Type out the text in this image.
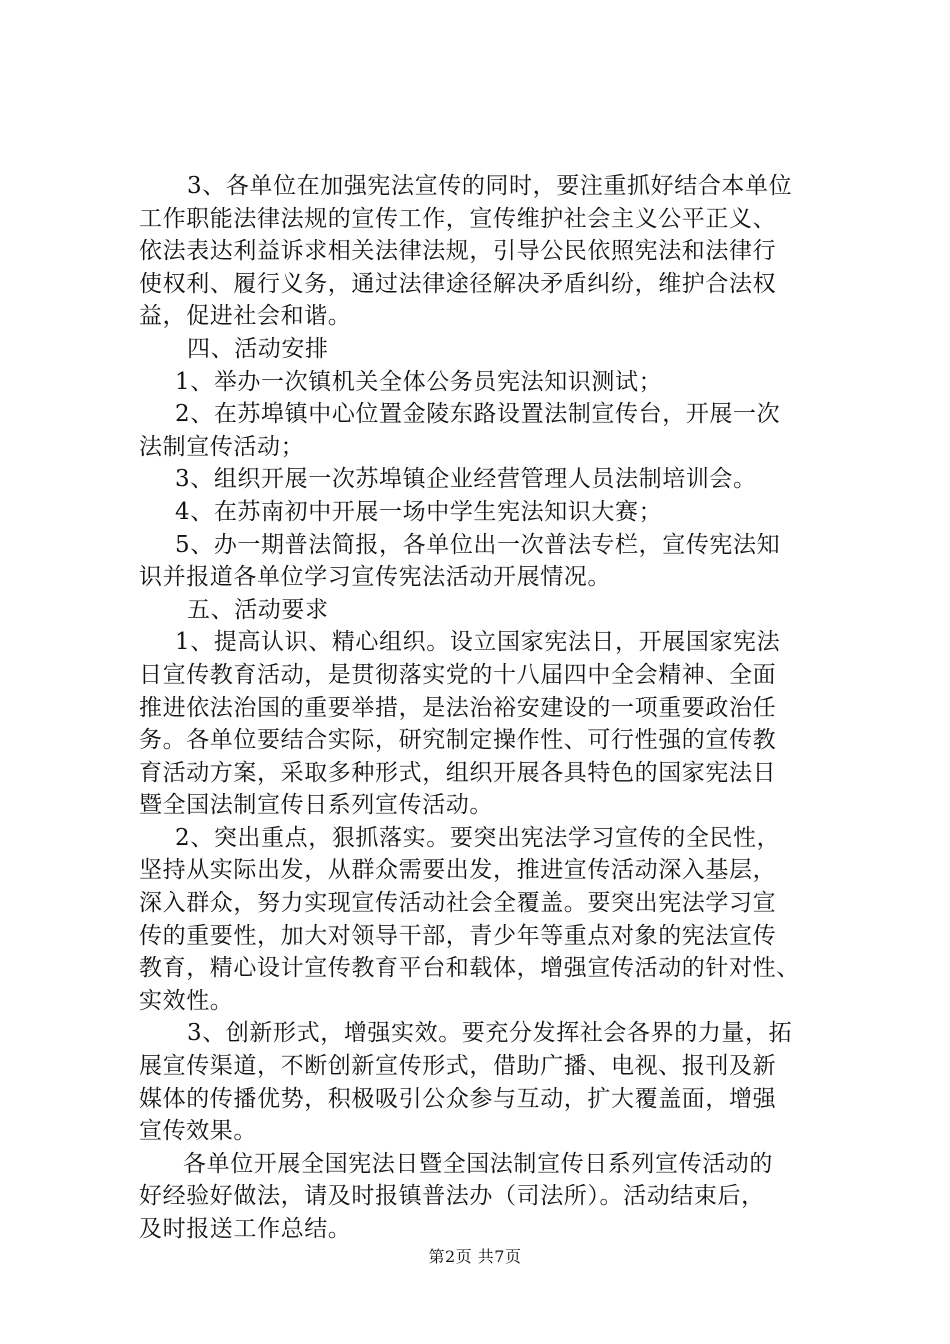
3、各单位在加强宪法宣传的同时，要注重抓好结合本单位
工作职能法律法规的宣传工作，宣传维护社会主义公平正义、
依法表达利益诉求相关法律法规，引导公民依照宪法和法律行
使权利、履行义务，通过法律途径解决矛盾纠纷，维护合法权
益，促进社会和谐。
四、活动安排
1、举办一次镇机关全体公务员宪法知识测试；
2、在苏埠镇中心位置金陵东路设置法制宣传台，开展一次
法制宣传活动；
3、组织开展一次苏埠镇企业经营管理人员法制培训会。
4、在苏南初中开展一场中学生宪法知识大赛；
5、办一期普法简报，各单位出一次普法专栏，宣传宪法知
识并报道各单位学习宣传宪法活动开展情况。
五、活动要求
1、提高认识、精心组织。设立国家宪法日，开展国家宪法
日宣传教育活动，是贯彻落实党的十八届四中全会精神、全面
推进依法治国的重要举措，是法治裕安建设的一项重要政治任
务。各单位要结合实际，研究制定操作性、可行性强的宣传教
育活动方案，采取多种形式，组织开展各具特色的国家宪法日
暨全国法制宣传日系列宣传活动。
2、突出重点，狠抓落实。要突出宪法学习宣传的全民性，
坚持从实际出发，从群众需要出发，推进宣传活动深入基层，
深入群众，努力实现宣传活动社会全覆盖。要突出宪法学习宣
传的重要性，加大对领导干部，青少年等重点对象的宪法宣传
教育，精心设计宣传教育平台和载体，增强宣传活动的针对性、
实效性。
3、创新形式，增强实效。要充分发挥社会各界的力量，拓
展宣传渠道，不断创新宣传形式，借助广播、电视、报刊及新
媒体的传播优势，积极吸引公众参与互动，扩大覆盖面，增强
宣传效果。
各单位开展全国宪法日暨全国法制宣传日系列宣传活动的
好经验好做法，请及时报镇普法办（司法所）。活动结束后，
及时报送工作总结。
第2页 共7页
